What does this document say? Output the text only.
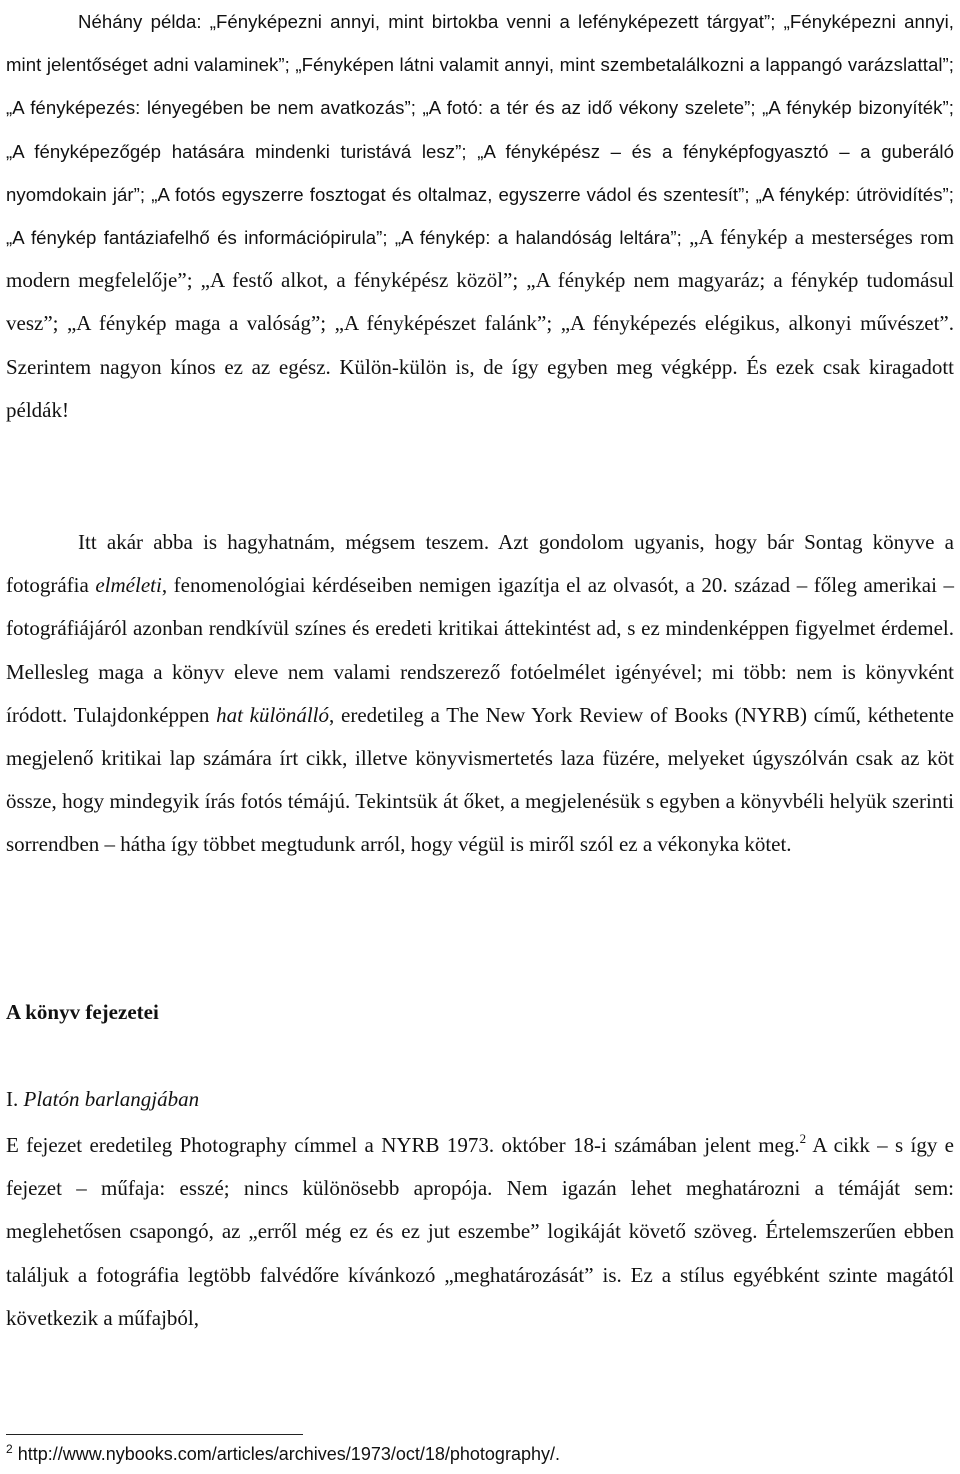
Néhány példa: „Fényképezni annyi, mint birtokba venni a lefényképezett tárgyat”; „Fényképezni annyi, mint jelentőséget adni valaminek”; „Fényképen látni valamit annyi, mint szembetalálkozni a lappangó varázslattal”; „A fényképezés: lényegében be nem avatkozás”; „A fotó: a tér és az idő vékony szelete”; „A fénykép bizonyíték”; „A fényképezőgép hatására mindenki turistává lesz”; „A fényképész – és a fényképfogyasztó – a guberáló nyomdokain jár”; „A fotós egyszerre fosztogat és oltalmaz, egyszerre vádol és szentesít”; „A fénykép: útrövidítés”; „A fénykép fantáziafelhő és információpirula”; „A fénykép: a halandóság leltára”; „A fénykép a mesterséges rom modern megfelelője”; „A festő alkot, a fényképész közöl”; „A fénykép nem magyaráz; a fénykép tudomásul vesz”; „A fénykép maga a valóság”; „A fényképészet falánk”; „A fényképezés elégikus, alkonyi művészet”. Szerintem nagyon kínos ez az egész. Külön-külön is, de így egyben meg végképp. És ezek csak kiragadott példák!
Itt akár abba is hagyhatnám, mégsem teszem. Azt gondolom ugyanis, hogy bár Sontag könyve a fotográfia elméleti, fenomenológiai kérdéseiben nemigen igazítja el az olvasót, a 20. század – főleg amerikai – fotográfiájáról azonban rendkívül színes és eredeti kritikai áttekintést ad, s ez mindenképpen figyelmet érdemel. Mellesleg maga a könyv eleve nem valami rendszerező fotóelmélet igényével; mi több: nem is könyvként íródott. Tulajdonképpen hat különálló, eredetileg a The New York Review of Books (NYRB) című, kéthetente megjelenő kritikai lap számára írt cikk, illetve könyvismertetés laza füzére, melyeket úgyszólván csak az köt össze, hogy mindegyik írás fotós témájú. Tekintsük át őket, a megjelenésük s egyben a könyvbéli helyük szerinti sorrendben – hátha így többet megtudunk arról, hogy végül is miről szól ez a vékonyka kötet.
A könyv fejezetei
I. Platón barlangjában
E fejezet eredetileg Photography címmel a NYRB 1973. október 18-i számában jelent meg.$^2$ A cikk – s így e fejezet – műfaja: esszé; nincs különösebb apropója. Nem igazán lehet meghatározni a témáját sem: meglehetősen csapongó, az „erről még ez és ez jut eszembe” logikáját követő szöveg. Értelemszerűen ebben találjuk a fotográfia legtöbb falvédőre kívánkozó „meghatározását” is. Ez a stílus egyébként szinte magától következik a műfajból,
$^2$ http://www.nybooks.com/articles/archives/1973/oct/18/photography/.
